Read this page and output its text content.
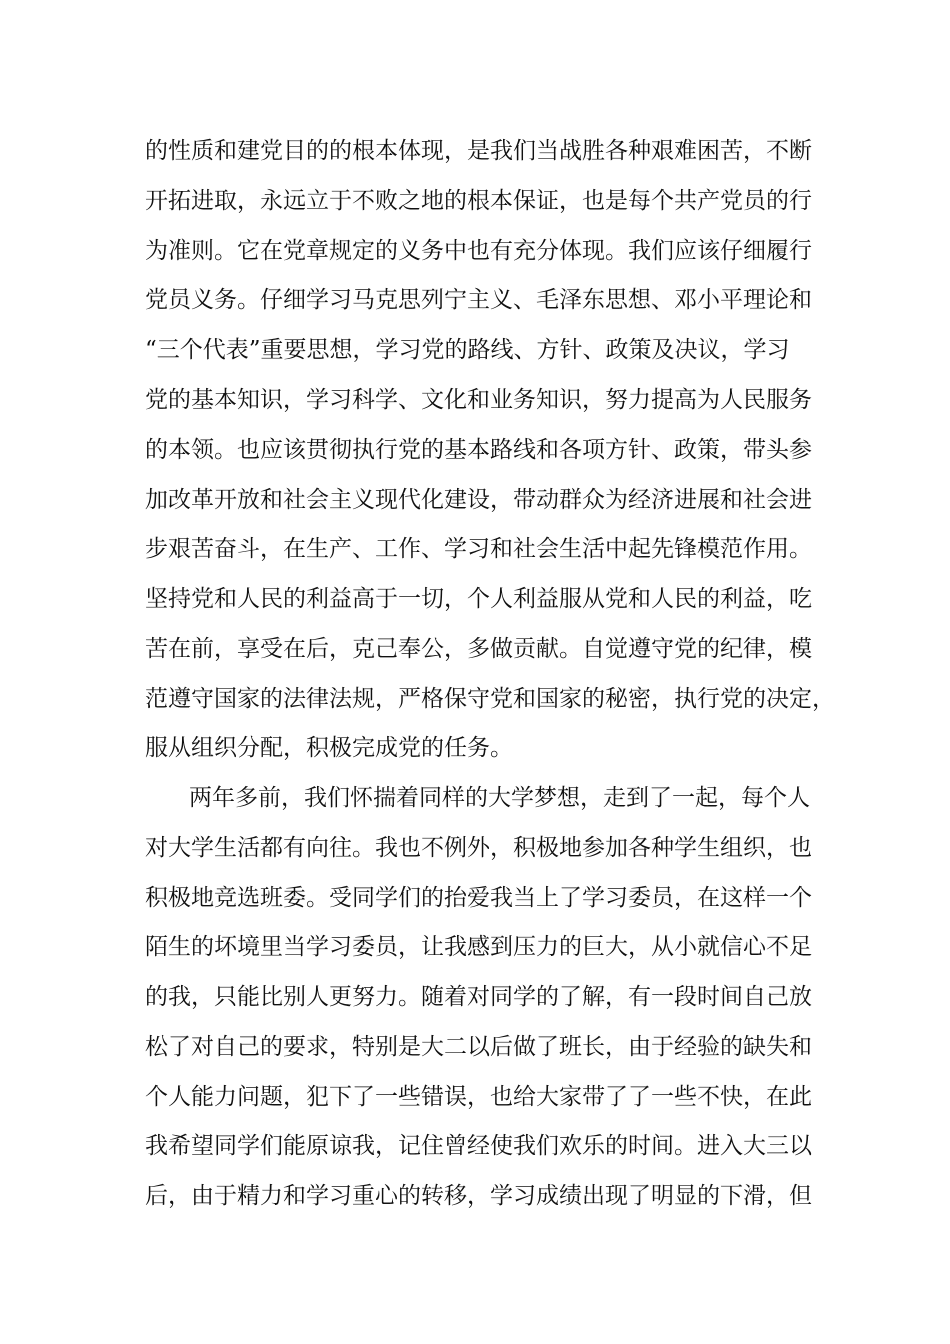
的性质和建党目的的根本体现，是我们当战胜各种艰难困苦，不断
开拓进取，永远立于不败之地的根本保证，也是每个共产党员的行
为准则。它在党章规定的义务中也有充分体现。我们应该仔细履行
党员义务。仔细学习马克思列宁主义、毛泽东思想、邓小平理论和
“三个代表”重要思想，学习党的路线、方针、政策及决议，学习
党的基本知识，学习科学、文化和业务知识，努力提高为人民服务
的本领。也应该贯彻执行党的基本路线和各项方针、政策，带头参
加改革开放和社会主义现代化建设，带动群众为经济进展和社会进
步艰苦奋斗，在生产、工作、学习和社会生活中起先锋模范作用。
坚持党和人民的利益高于一切，个人利益服从党和人民的利益，吃
苦在前，享受在后，克己奉公，多做贡献。自觉遵守党的纪律，模
范遵守国家的法律法规，严格保守党和国家的秘密，执行党的决定，
服从组织分配，积极完成党的任务。
两年多前，我们怀揣着同样的大学梦想，走到了一起，每个人
对大学生活都有向往。我也不例外，积极地参加各种学生组织，也
积极地竞选班委。受同学们的抬爱我当上了学习委员，在这样一个
陌生的坏境里当学习委员，让我感到压力的巨大，从小就信心不足
的我，只能比别人更努力。随着对同学的了解，有一段时间自己放
松了对自己的要求，特别是大二以后做了班长，由于经验的缺失和
个人能力问题，犯下了一些错误，也给大家带了了一些不快，在此
我希望同学们能原谅我，记住曾经使我们欢乐的时间。进入大三以
后，由于精力和学习重心的转移，学习成绩出现了明显的下滑，但
